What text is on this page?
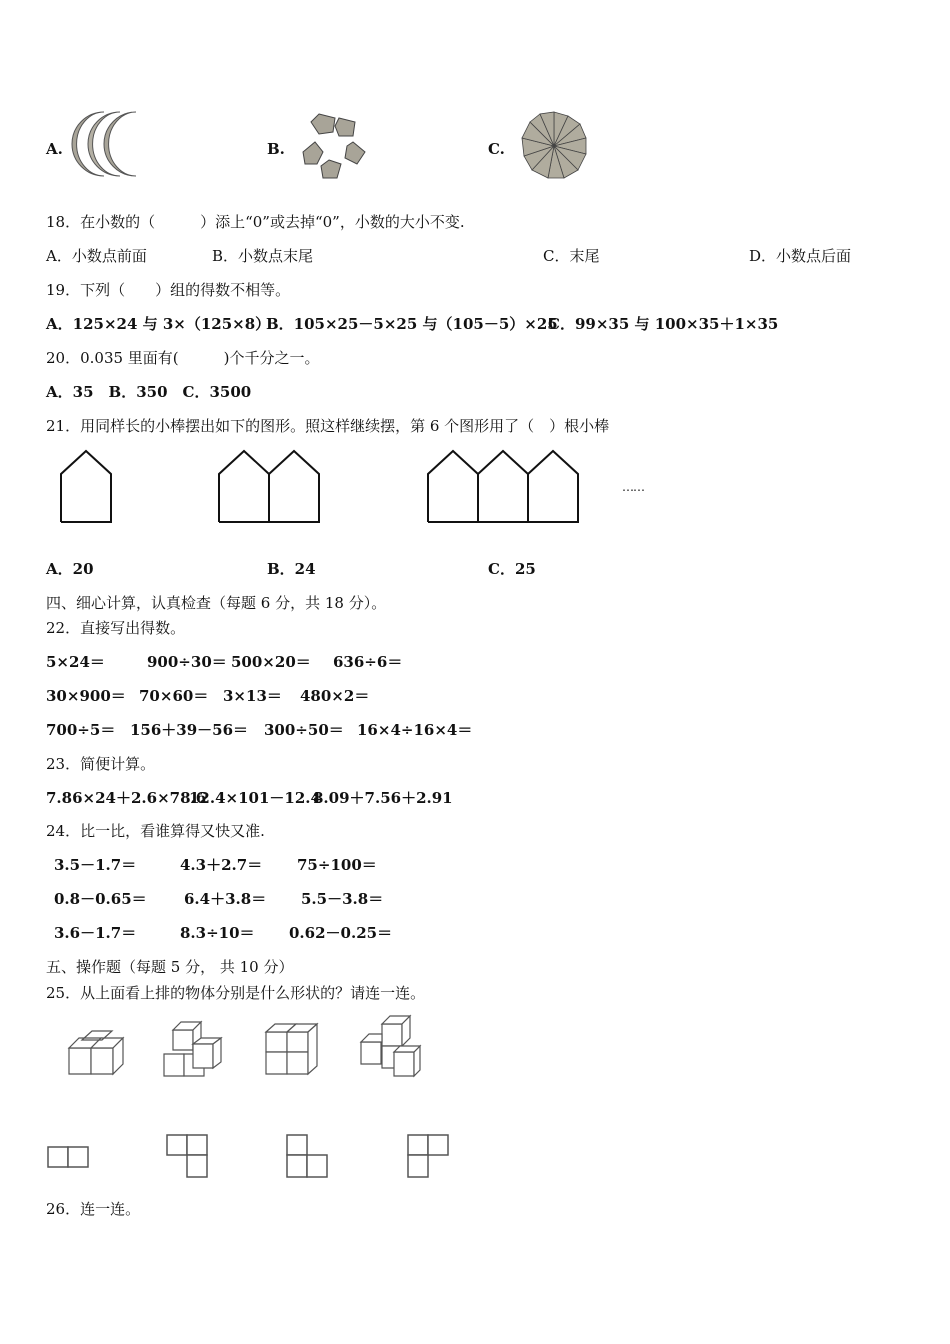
A.	B.	C.
18．在小数的（　　　）添上“0”或去掉“0”，小数的大小不变.
A．小数点前面	B．小数点末尾	C．末尾	D．小数点后面
19．下列（　　）组的得数不相等。
A．125×24 与 3×（125×8）
B．105×25－5×25 与（105－5）×25
C．99×35 与 100×35＋1×35
20．0.035 里面有(　　　)个千分之一。
A．35　B．350　C．3500
21．用同样长的小棒摆出如下的图形。照这样继续摆，第 6 个图形用了（　）根小棒
……
A．20	B．24	C．25
四、细心计算，认真检查（每题 6 分，共 18 分）。
22．直接写出得数。
5×24＝	900÷30＝ 500×20＝ 636÷6＝
30×900＝ 70×60＝ 3×13＝ 480×2＝
700÷5＝ 156＋39－56＝ 300÷50＝ 16×4÷16×4＝
23．简便计算。
7.86×24＋2.6×78.6
12.4×101－12.4
8.09＋7.56＋2.91
24．比一比，看谁算得又快又准.
3.5－1.7＝	4.3＋2.7＝ 75÷100＝
0.8－0.65＝ 6.4＋3.8＝ 5.5－3.8＝
3.6－1.7＝	8.3÷10＝ 0.62－0.25＝
五、操作题（每题 5 分， 共 10 分）
25．从上面看上排的物体分别是什么形状的？请连一连。
26．连一连。
